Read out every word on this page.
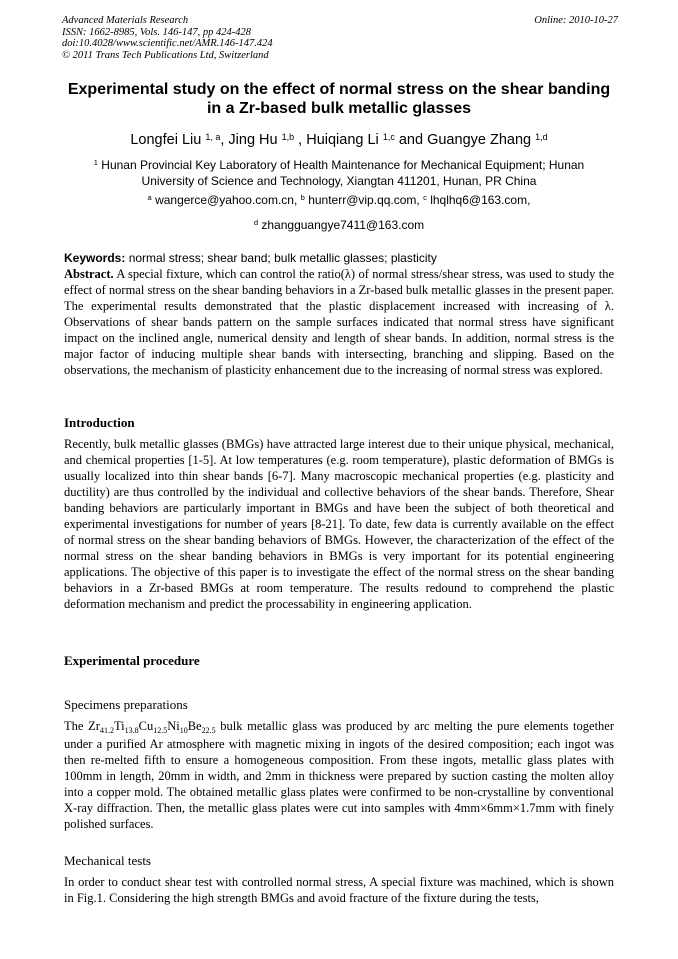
Advanced Materials Research
ISSN: 1662-8985, Vols. 146-147, pp 424-428
doi:10.4028/www.scientific.net/AMR.146-147.424
© 2011 Trans Tech Publications Ltd, Switzerland
Online: 2010-10-27
Experimental study on the effect of normal stress on the shear banding
in a Zr-based bulk metallic glasses
Longfei Liu $^{1, a}$, Jing Hu $^{1,b}$ , Huiqiang Li $^{1,c}$ and Guangye Zhang $^{1,d}$
$^1$ Hunan Provincial Key Laboratory of Health Maintenance for Mechanical Equipment; Hunan
University of Science and Technology, Xiangtan 411201, Hunan, PR China
$^a$ wangerce@yahoo.com.cn, $^b$ hunterr@vip.qq.com, $^c$ lhqlhq6@163.com,
$^d$ zhangguangye7411@163.com
Keywords: normal stress; shear band; bulk metallic glasses; plasticity
Abstract. A special fixture, which can control the ratio(λ) of normal stress/shear stress, was used to study the effect of normal stress on the shear banding behaviors in a Zr-based bulk metallic glasses in the present paper. The experimental results demonstrated that the plastic displacement increased with increasing of λ. Observations of shear bands pattern on the sample surfaces indicated that normal stress have significant impact on the inclined angle, numerical density and length of shear bands. In addition, normal stress is the major factor of inducing multiple shear bands with intersecting, branching and slipping. Based on the observations, the mechanism of plasticity enhancement due to the increasing of normal stress was explored.
Introduction
Recently, bulk metallic glasses (BMGs) have attracted large interest due to their unique physical, mechanical, and chemical properties [1-5]. At low temperatures (e.g. room temperature), plastic deformation of BMGs is usually localized into thin shear bands [6-7]. Many macroscopic mechanical properties (e.g. plasticity and ductility) are thus controlled by the individual and collective behaviors of the shear bands. Therefore, Shear banding behaviors are particularly important in BMGs and have been the subject of both theoretical and experimental investigations for number of years [8-21]. To date, few data is currently available on the effect of normal stress on the shear banding behaviors of BMGs. However, the characterization of the effect of the normal stress on the shear banding behaviors in BMGs is very important for its potential engineering applications. The objective of this paper is to investigate the effect of the normal stress on the shear banding behaviors in a Zr-based BMGs at room temperature. The results redound to comprehend the plastic deformation mechanism and predict the processability in engineering application.
Experimental procedure
Specimens preparations
The $Zr_{41.2}Ti_{13.8}Cu_{12.5}Ni_{10}Be_{22.5}$ bulk metallic glass was produced by arc melting the pure elements together under a purified Ar atmosphere with magnetic mixing in ingots of the desired composition; each ingot was then re-melted fifth to ensure a homogeneous composition. From these ingots, metallic glass plates with 100mm in length, 20mm in width, and 2mm in thickness were prepared by suction casting the molten alloy into a copper mold. The obtained metallic glass plates were confirmed to be non-crystalline by conventional X-ray diffraction. Then, the metallic glass plates were cut into samples with 4mm×6mm×1.7mm with finely polished surfaces.
Mechanical tests
In order to conduct shear test with controlled normal stress, A special fixture was machined, which is shown in Fig.1. Considering the high strength BMGs and avoid fracture of the fixture during the tests,
